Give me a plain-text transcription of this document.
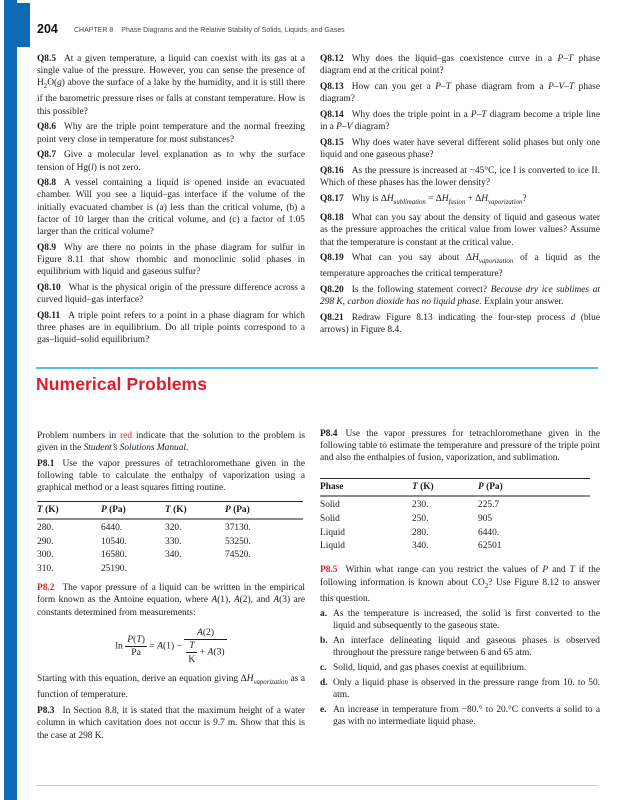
204 CHAPTER 8 Phase Diagrams and the Relative Stability of Solids, Liquids, and Gases

Q8.5 At a given temperature, a liquid can coexist with its gas at a single value of the pressure. However, you can sense the presence of $H_2O(g)$ above the surface of a lake by the humidity, and it is still there if the barometric pressure rises or falls at constant temperature. How is this possible?

Q8.6 Why are the triple point temperature and the normal freezing point very close in temperature for most substances?

Q8.7 Give a molecular level explanation as to why the surface tension of Hg(l) is not zero.

Q8.8 A vessel containing a liquid is opened inside an evacuated chamber. Will you see a liquid–gas interface if the volume of the initially evacuated chamber is (a) less than the critical volume, (b) a factor of 10 larger than the critical volume, and (c) a factor of 1.05 larger than the critical volume?

Q8.9 Why are there no points in the phase diagram for sulfur in Figure 8.11 that show rhombic and monoclinic solid phases in equilibrium with liquid and gaseous sulfur?

Q8.10 What is the physical origin of the pressure difference across a curved liquid–gas interface?

Q8.11 A triple point refers to a point in a phase diagram for which three phases are in equilibrium. Do all triple points correspond to a gas–liquid–solid equilibrium?

Q8.12 Why does the liquid–gas coexistence curve in a P–T phase diagram end at the critical point?

Q8.13 How can you get a P–T phase diagram from a P–V–T phase diagram?

Q8.14 Why does the triple point in a P–T diagram become a triple line in a P–V diagram?

Q8.15 Why does water have several different solid phases but only one liquid and one gaseous phase?

Q8.16 As the pressure is increased at −45°C, ice I is converted to ice II. Which of these phases has the lower density?

Q8.17 Why is $\Delta H_{sublimation} = \Delta H_{fusion} + \Delta H_{vaporization}$?

Q8.18 What can you say about the density of liquid and gaseous water as the pressure approaches the critical value from lower values? Assume that the temperature is constant at the critical value.

Q8.19 What can you say about $\Delta H_{vaporization}$ of a liquid as the temperature approaches the critical temperature?

Q8.20 Is the following statement correct? Because dry ice sublimes at 298 K, carbon dioxide has no liquid phase. Explain your answer.

Q8.21 Redraw Figure 8.13 indicating the four-step process d (blue arrows) in Figure 8.4.

Numerical Problems

Problem numbers in red indicate that the solution to the problem is given in the Student’s Solutions Manual.

P8.1 Use the vapor pressures of tetrachloromethane given in the following table to calculate the enthalpy of vaporization using a graphical method or a least squares fitting routine.

T (K)	P (Pa)	T (K)	P (Pa)
280.	6440.	320.	37130.
290.	10540.	330.	53250.
300.	16580.	340.	74520.
310.	25190.		

P8.2 The vapor pressure of a liquid can be written in the empirical form known as the Antoine equation, where A(1), A(2), and A(3) are constants determined from measurements:

$\ln \frac{P(T)}{Pa} = A(1) - \frac{A(2)}{\frac{T}{K} + A(3)}$

Starting with this equation, derive an equation giving $\Delta H_{vaporization}$ as a function of temperature.

P8.3 In Section 8.8, it is stated that the maximum height of a water column in which cavitation does not occur is 9.7 m. Show that this is the case at 298 K.

P8.4 Use the vapor pressures for tetrachloromethane given in the following table to estimate the temperature and pressure of the triple point and also the enthalpies of fusion, vaporization, and sublimation.

Phase	T (K)	P (Pa)
Solid	230.	225.7
Solid	250.	905
Liquid	280.	6440.
Liquid	340.	62501

P8.5 Within what range can you restrict the values of P and T if the following information is known about $CO_2$? Use Figure 8.12 to answer this question.

a. As the temperature is increased, the solid is first converted to the liquid and subsequently to the gaseous state.
b. An interface delineating liquid and gaseous phases is observed throughout the pressure range between 6 and 65 atm.
c. Solid, liquid, and gas phases coexist at equilibrium.
d. Only a liquid phase is observed in the pressure range from 10. to 50. atm.
e. An increase in temperature from −80.° to 20.°C converts a solid to a gas with no intermediate liquid phase.
